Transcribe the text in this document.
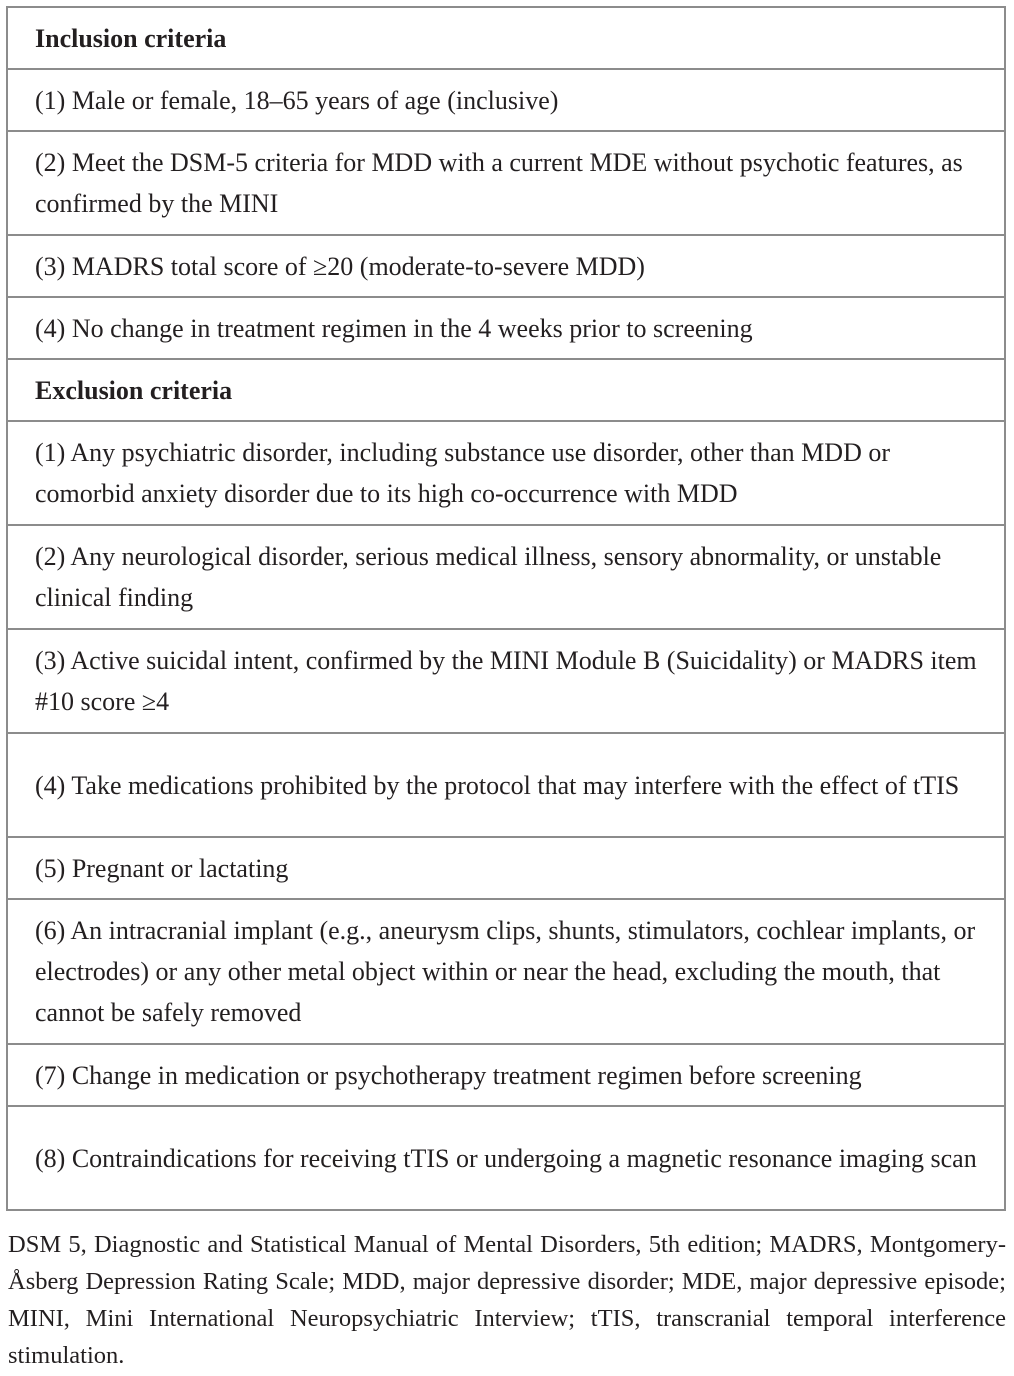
Inclusion criteria
(1) Male or female, 18–65 years of age (inclusive)
(2) Meet the DSM-5 criteria for MDD with a current MDE without psychotic features, as confirmed by the MINI
(3) MADRS total score of ≥20 (moderate-to-severe MDD)
(4) No change in treatment regimen in the 4 weeks prior to screening
Exclusion criteria
(1) Any psychiatric disorder, including substance use disorder, other than MDD or comorbid anxiety disorder due to its high co-occurrence with MDD
(2) Any neurological disorder, serious medical illness, sensory abnormality, or unstable clinical finding
(3) Active suicidal intent, confirmed by the MINI Module B (Suicidality) or MADRS item #10 score ≥4
(4) Take medications prohibited by the protocol that may interfere with the effect of tTIS
(5) Pregnant or lactating
(6) An intracranial implant (e.g., aneurysm clips, shunts, stimulators, cochlear implants, or electrodes) or any other metal object within or near the head, excluding the mouth, that cannot be safely removed
(7) Change in medication or psychotherapy treatment regimen before screening
(8) Contraindications for receiving tTIS or undergoing a magnetic resonance imaging scan

DSM 5, Diagnostic and Statistical Manual of Mental Disorders, 5th edition; MADRS, Montgomery-Åsberg Depression Rating Scale; MDD, major depressive disorder; MDE, major depressive episode; MINI, Mini International Neuropsychiatric Interview; tTIS, transcranial temporal interference stimulation.
